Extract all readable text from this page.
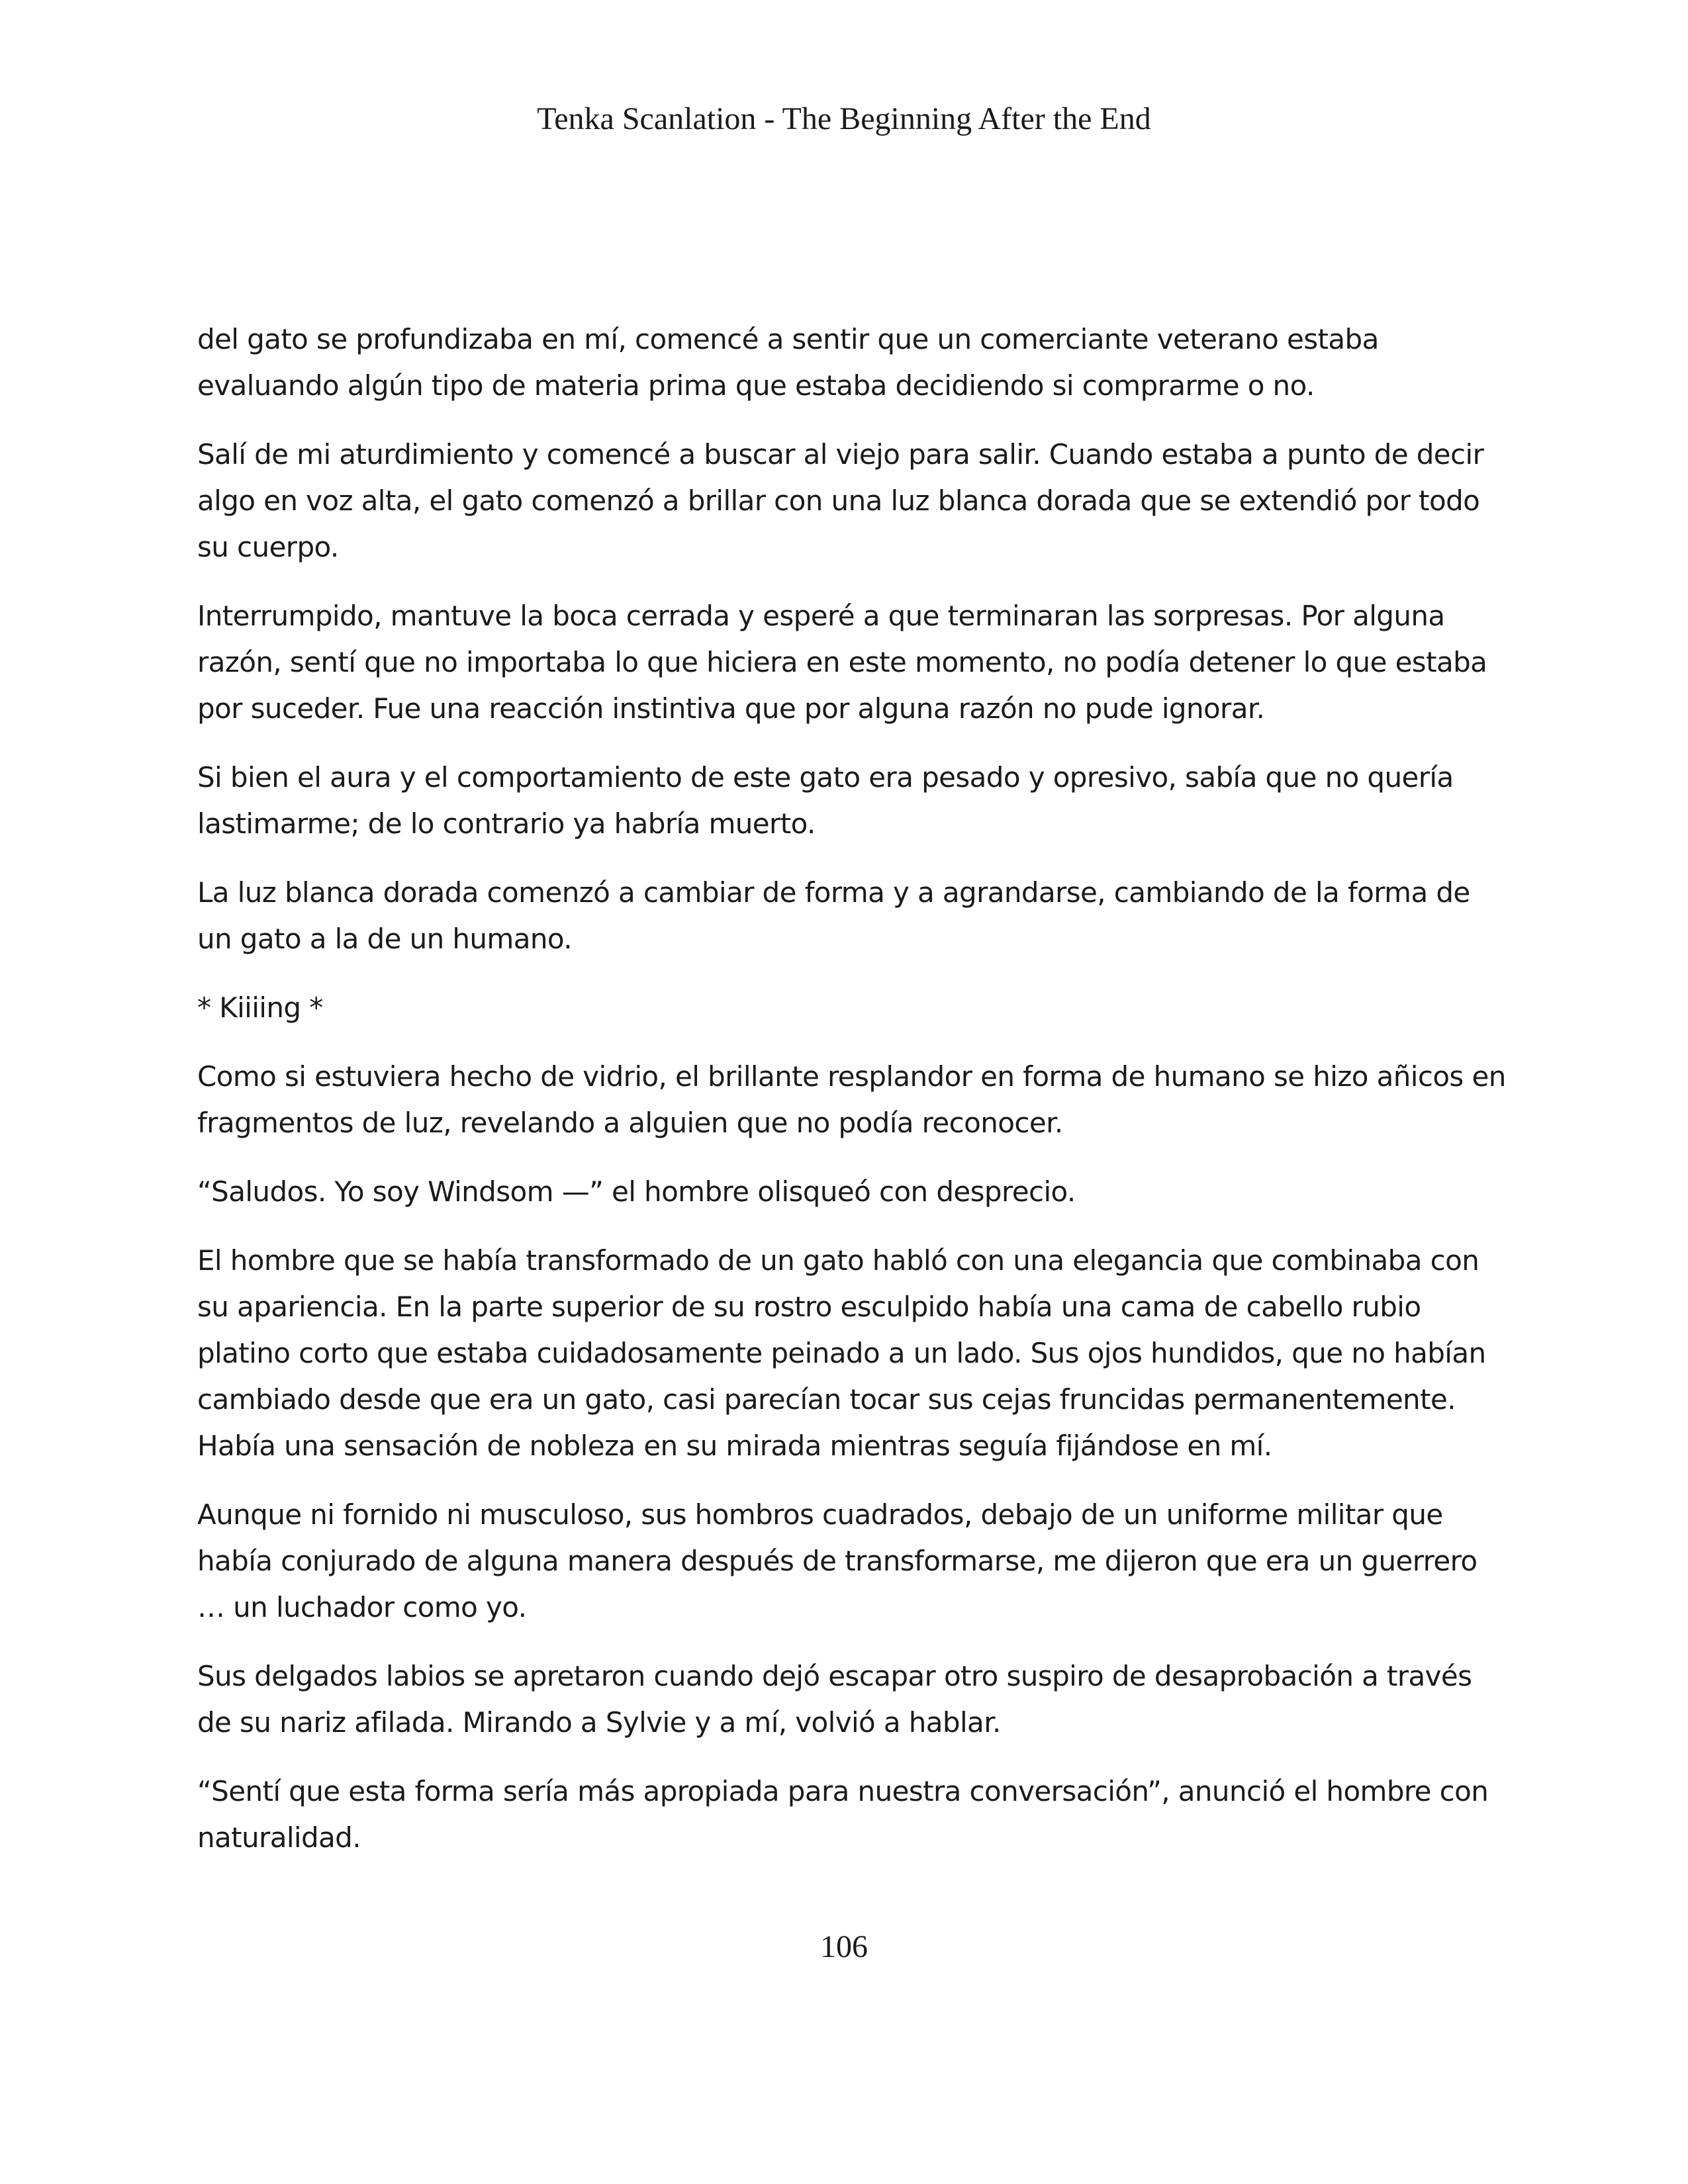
Tenka Scanlation - The Beginning After the End

del gato se profundizaba en mí, comencé a sentir que un comerciante veterano estaba evaluando algún tipo de materia prima que estaba decidiendo si comprarme o no.

Salí de mi aturdimiento y comencé a buscar al viejo para salir. Cuando estaba a punto de decir algo en voz alta, el gato comenzó a brillar con una luz blanca dorada que se extendió por todo su cuerpo.

Interrumpido, mantuve la boca cerrada y esperé a que terminaran las sorpresas. Por alguna razón, sentí que no importaba lo que hiciera en este momento, no podía detener lo que estaba por suceder. Fue una reacción instintiva que por alguna razón no pude ignorar.

Si bien el aura y el comportamiento de este gato era pesado y opresivo, sabía que no quería lastimarme; de lo contrario ya habría muerto.

La luz blanca dorada comenzó a cambiar de forma y a agrandarse, cambiando de la forma de un gato a la de un humano.

* Kiiiing *

Como si estuviera hecho de vidrio, el brillante resplandor en forma de humano se hizo añicos en fragmentos de luz, revelando a alguien que no podía reconocer.

“Saludos. Yo soy Windsom —” el hombre olisqueó con desprecio.

El hombre que se había transformado de un gato habló con una elegancia que combinaba con su apariencia. En la parte superior de su rostro esculpido había una cama de cabello rubio platino corto que estaba cuidadosamente peinado a un lado. Sus ojos hundidos, que no habían cambiado desde que era un gato, casi parecían tocar sus cejas fruncidas permanentemente. Había una sensación de nobleza en su mirada mientras seguía fijándose en mí.

Aunque ni fornido ni musculoso, sus hombros cuadrados, debajo de un uniforme militar que había conjurado de alguna manera después de transformarse, me dijeron que era un guerrero … un luchador como yo.

Sus delgados labios se apretaron cuando dejó escapar otro suspiro de desaprobación a través de su nariz afilada. Mirando a Sylvie y a mí, volvió a hablar.

“Sentí que esta forma sería más apropiada para nuestra conversación”, anunció el hombre con naturalidad.

106
